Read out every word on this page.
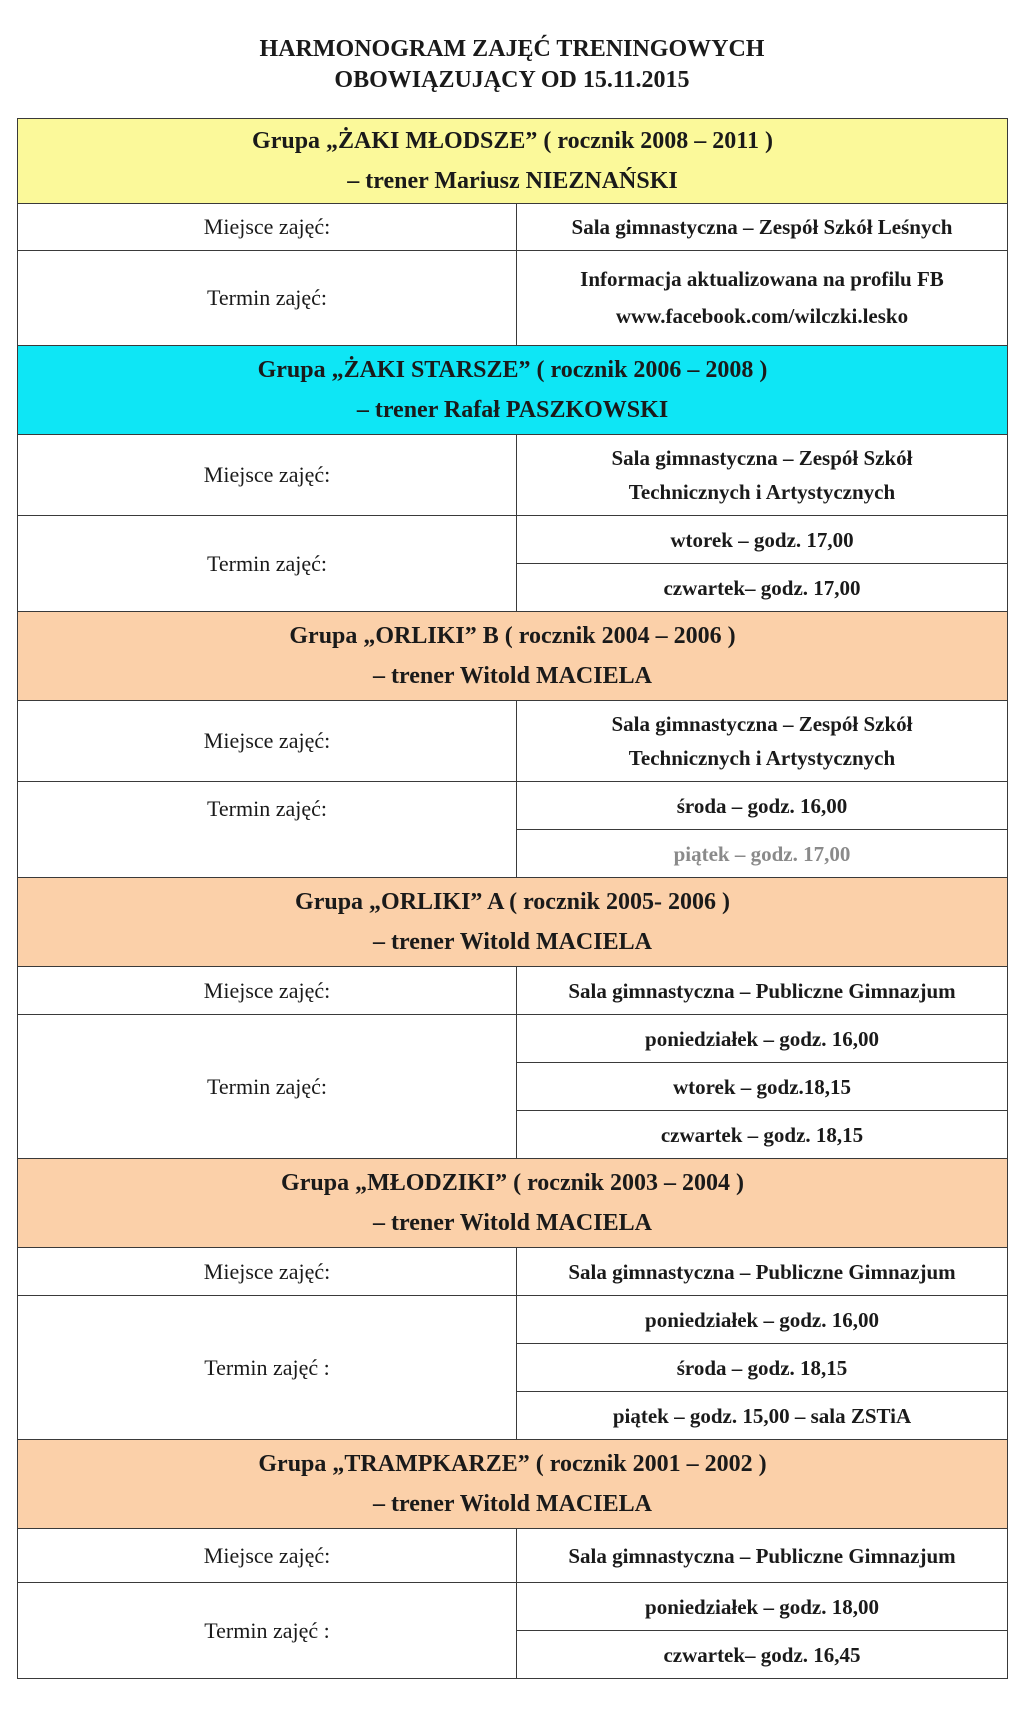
HARMONOGRAM ZAJĘĆ TRENINGOWYCH
OBOWIĄZUJĄCY OD 15.11.2015
Grupa „ŻAKI MŁODSZE” ( rocznik 2008 – 2011 )
– trener Mariusz NIEZNAŃSKI	

Miejsce zajęć:	Sala gimnastyczna – Zespół Szkół Leśnych
Termin zajęć:	Informacja aktualizowana na profilu FB
www.facebook.com/wilczki.lesko

Grupa „ŻAKI STARSZE” ( rocznik 2006 – 2008 )
– trener Rafał PASZKOWSKI	

Miejsce zajęć:	Sala gimnastyczna – Zespół Szkół
Technicznych i Artystycznych

Termin zajęć:	wtorek – godz. 17,00
	czwartek– godz. 17,00

Grupa „ORLIKI” B ( rocznik 2004 – 2006 )
– trener Witold MACIELA	

Miejsce zajęć:	Sala gimnastyczna – Zespół Szkół
Technicznych i Artystycznych

Termin zajęć:	środa – godz. 16,00
	piątek – godz. 17,00

Grupa „ORLIKI” A ( rocznik 2005- 2006 )
– trener Witold MACIELA	

Miejsce zajęć:	Sala gimnastyczna – Publiczne Gimnazjum
Termin zajęć:	poniedziałek – godz. 16,00
	wtorek – godz.18,15
	czwartek – godz. 18,15

Grupa „MŁODZIKI” ( rocznik 2003 – 2004 )
– trener Witold MACIELA	

Miejsce zajęć:	Sala gimnastyczna – Publiczne Gimnazjum
Termin zajęć :	poniedziałek – godz. 16,00
	środa – godz. 18,15
	piątek – godz. 15,00 – sala ZSTiA

Grupa „TRAMPKARZE” ( rocznik 2001 – 2002 )
– trener Witold MACIELA	

Miejsce zajęć:	Sala gimnastyczna – Publiczne Gimnazjum
Termin zajęć :	poniedziałek – godz. 18,00
	czwartek– godz. 16,45
